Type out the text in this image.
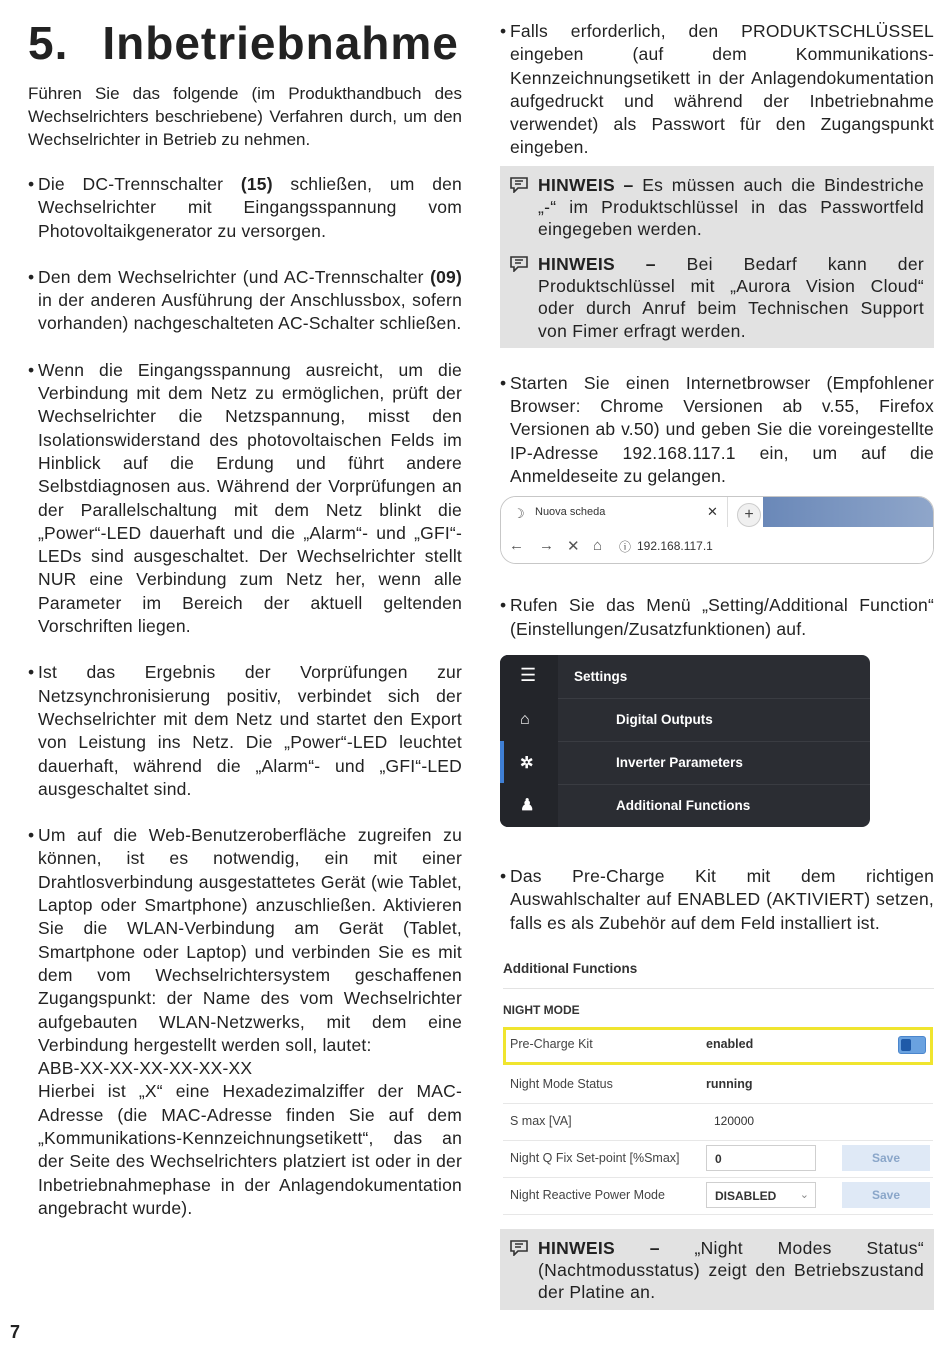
5. Inbetriebnahme

Führen Sie das folgende (im Produkthandbuch des Wechselrichters beschriebene) Verfahren durch, um den Wechselrichter in Betrieb zu nehmen.

• Die DC-Trennschalter (15) schließen, um den Wechselrichter mit Eingangsspannung vom Photovoltaikgenerator zu versorgen.

• Den dem Wechselrichter (und AC-Trennschalter (09) in der anderen Ausführung der Anschlussbox, sofern vorhanden) nachgeschalteten AC-Schalter schließen.

• Wenn die Eingangsspannung ausreicht, um die Verbindung mit dem Netz zu ermöglichen, prüft der Wechselrichter die Netzspannung, misst den Isolationswiderstand des photovoltaischen Felds im Hinblick auf die Erdung und führt andere Selbstdiagnosen aus. Während der Vorprüfungen an der Parallelschaltung mit dem Netz blinkt die „Power“-LED dauerhaft und die „Alarm“- und „GFI“-LEDs sind ausgeschaltet. Der Wechselrichter stellt NUR eine Verbindung zum Netz her, wenn alle Parameter im Bereich der aktuell geltenden Vorschriften liegen.

• Ist das Ergebnis der Vorprüfungen zur Netzsynchronisierung positiv, verbindet sich der Wechselrichter mit dem Netz und startet den Export von Leistung ins Netz. Die „Power“-LED leuchtet dauerhaft, während die „Alarm“- und „GFI“-LED ausgeschaltet sind.

• Um auf die Web-Benutzeroberfläche zugreifen zu können, ist es notwendig, ein mit einer Drahtlosverbindung ausgestattetes Gerät (wie Tablet, Laptop oder Smartphone) anzuschließen. Aktivieren Sie die WLAN-Verbindung am Gerät (Tablet, Smartphone oder Laptop) und verbinden Sie es mit dem vom Wechselrichtersystem geschaffenen Zugangspunkt: der Name des vom Wechselrichter aufgebauten WLAN-Netzwerks, mit dem eine Verbindung hergestellt werden soll, lautet:
ABB-XX-XX-XX-XX-XX-XX
Hierbei ist „X“ eine Hexadezimalziffer der MAC-Adresse (die MAC-Adresse finden Sie auf dem „Kommunikations-Kennzeichnungsetikett“, das an der Seite des Wechselrichters platziert ist oder in der Inbetriebnahmephase in der Anlagendokumentation angebracht wurde).

• Falls erforderlich, den PRODUKTSCHLÜSSEL eingeben (auf dem Kommunikations-Kennzeichnungsetikett in der Anlagendokumentation aufgedruckt und während der Inbetriebnahme verwendet) als Passwort für den Zugangspunkt eingeben.

HINWEIS – Es müssen auch die Bindestriche „-“ im Produktschlüssel in das Passwortfeld eingegeben werden.
HINWEIS – Bei Bedarf kann der Produktschlüssel mit „Aurora Vision Cloud“ oder durch Anruf beim Technischen Support von Fimer erfragt werden.

• Starten Sie einen Internetbrowser (Empfohlener Browser: Chrome Versionen ab v.55, Firefox Versionen ab v.50) und geben Sie die voreingestellte IP-Adresse 192.168.117.1 ein, um auf die Anmeldeseite zu gelangen.

☽ Nuova scheda	✕	+
← → ✕ ⌂ ⓘ 192.168.117.1

• Rufen Sie das Menü „Setting/Additional Function“ (Einstellungen/Zusatzfunktionen) auf.

☰	Settings
⌂
✲
♟
Digital Outputs
Inverter Parameters
Additional Functions

• Das Pre-Charge Kit mit dem richtigen Auswahlschalter auf ENABLED (AKTIVIERT) setzen, falls es als Zubehör auf dem Feld installiert ist.

Additional Functions
NIGHT MODE
Pre-Charge Kit	enabled
Night Mode Status	running
S max [VA]	120000
Night Q Fix Set-point [%Smax]	0	Save
Night Reactive Power Mode	DISABLED ⌄	Save
HINWEIS – „Night Modes Status“ (Nachtmodusstatus) zeigt den Betriebszustand der Platine an.
7
